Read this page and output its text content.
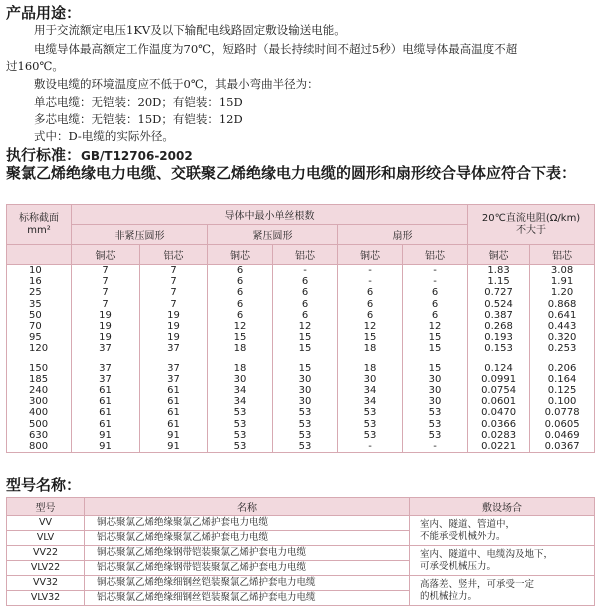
产品用途：
用于交流额定电压1KV及以下输配电线路固定敷设输送电能。
电缆导体最高额定工作温度为70℃，短路时（最长持续时间不超过5秒）电缆导体最高温度不超
过160℃。
敷设电缆的环境温度应不低于0℃，其最小弯曲半径为：
单芯电缆：无铠装：20D；有铠装：15D
多芯电缆：无铠装：15D；有铠装：12D
式中：D-电缆的实际外径。
执行标准：GB/T12706-2002
聚氯乙烯绝缘电力电缆、交联聚乙烯绝缘电力电缆的圆形和扇形绞合导体应符合下表：
标称截面
mm²	导体中最小单丝根数						20℃直流电阻(Ω/km)
不大于	

	非紧压圆形		紧压圆形		扇形			
	铜芯	铝芯	铜芯	铝芯	铜芯	铝芯	铜芯	铝芯
10	7	7	6	-	-	-	1.83	3.08
16	7	7	6	6	-	-	1.15	1.91
25	7	7	6	6	6	6	0.727	1.20
35	7	7	6	6	6	6	0.524	0.868
50	19	19	6	6	6	6	0.387	0.641
70	19	19	12	12	12	12	0.268	0.443
95	19	19	15	15	15	15	0.193	0.320
120	37	37	18	15	18	15	0.153	0.253

150	37	37	18	15	18	15	0.124	0.206
185	37	37	30	30	30	30	0.0991	0.164
240	61	61	34	30	34	30	0.0754	0.125
300	61	61	34	30	34	30	0.0601	0.100
400	61	61	53	53	53	53	0.0470	0.0778
500	61	61	53	53	53	53	0.0366	0.0605
630	91	91	53	53	53	53	0.0283	0.0469
800	91	91	53	53	-	-	0.0221	0.0367
型号名称：
型号	名称	敷设场合
VV	铜芯聚氯乙烯绝缘聚氯乙烯护套电力电缆	室内、隧道、管道中，
不能承受机械外力。
VLV	铝芯聚氯乙烯绝缘聚氯乙烯护套电力电缆	
VV22	铜芯聚氯乙烯绝缘钢带铠装聚氯乙烯护套电力电缆	室内、隧道中、电缆沟及地下，
可承受机械压力。
VLV22	铝芯聚氯乙烯绝缘钢带铠装聚氯乙烯护套电力电缆	
VV32	铜芯聚氯乙烯绝缘细钢丝铠装聚氯乙烯护套电力电缆	高落差、竖井，可承受一定
的机械拉力。
VLV32	铝芯聚氯乙烯绝缘细钢丝铠装聚氯乙烯护套电力电缆	
